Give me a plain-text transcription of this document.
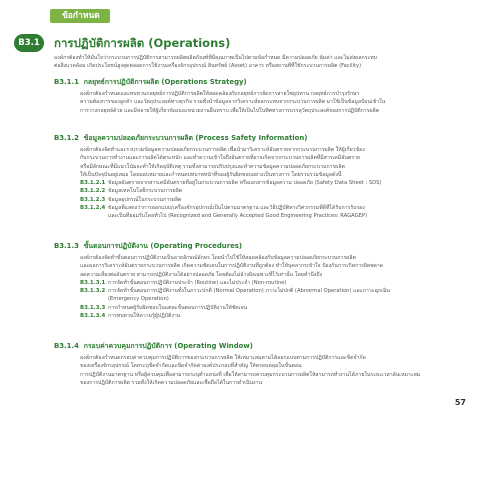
ข้อกำหนด
B3.1	การปฏิบัติการผลิต (Operations)

องค์กรต้องทำให้มั่นใจว่ากระบวนการปฏิบัติการสามารถผลิตผลิตภัณฑ์ที่มีคุณภาพเป็นไปตามข้อกำหนด มีความปลอดภัย คุ้มค่า และไม่ส่งผลกระทบ

ต่อสิ่งแวดล้อม เกิดประโยชน์สูงสุดตลอดการใช้งานเครื่องจักรอุปกรณ์ สินทรัพย์ (Asset) อาคาร หรือสถานที่ที่ใช้กระบวนการผลิต (Facility)

B3.1.1 กลยุทธ์การปฏิบัติการผลิต (Operations Strategy)

องค์กรต้องกำหนดและทบทวนกลยุทธ์การปฏิบัติการผลิตให้สอดคล้องกับกลยุทธ์การจัดการสายโซ่อุปทาน กลยุทธ์การบำรุงรักษา

ความต้องการของลูกค้า และวัตถุประสงค์ทางธุรกิจ รวมทั้งนำข้อมูลจากวิเคราะห์ผลกระทบจากกระบวนการผลิต มาใช้เป็นข้อมูลป้อนเข้าใน

การวางกลยุทธ์ด้วย และมีหลายให้ผู้เกี่ยวข้องและหน่วยงานอื่นทราบ เพื่อให้เป็นไปในทิศทางการบรรลุวัตถุประสงค์ของการปฏิบัติการผลิต

B3.1.2 ข้อมูลความปลอดภัยกระบวนการผลิต (Process Safety Information)

องค์กรต้องจัดทำและรวบรวมข้อมูลความปลอดภัยกระบวนการผลิต เพื่อนำมาวิเคราะห์อันตรายจากกระบวนการผลิต ให้ผู้เกี่ยวข้อง

กับกระบวนการทำงานและการผลิตได้ตระหนัก และทำความเข้าใจถึงอันตรายที่อาจเกิดจากกระบวนการผลิตที่มีสารเคมีอันตราย

หรือมีลักษณะที่มีแนวโน้มจะทำให้เกิดอุบัติเหตุ รวมทั้งสามารถปรับปรุงและทำความข้อมูลความปลอดภัยกระบวนการผลิต

ให้เป็นปัจจุบันอยู่เสมอ โดยมอบหมายและกำหนดบทบาทหน้าที่ของผู้รับผิดชอบอย่างเป็นทางการ โดยรวบรวมข้อมูลดังนี้

B3.1.2.1 ข้อมูลอันตรายจากสารเคมีอันตรายที่อยู่ในกระบวนการผลิต หรือเอกสารข้อมูลความ ปลอดภัย (Safety Data Sheet : SDS)
B3.1.2.2 ข้อมูลเทคโนโลยีกระบวนการผลิต
B3.1.2.3 ข้อมูลอุปกรณ์ในกระบวนการผลิต
B3.1.2.4 ข้อมูลที่แสดงว่าการออกแบบ/เครื่องจักรอุปกรณ์เป็นไปตามมาตรฐาน และวิธีปฏิบัติทางวิศวกรรมที่ดีที่ได้รับการรับรอง
และเป็นที่ยอมรับโดยทั่วไป (Recognized and Generally Accepted Good Engineering Practices: RAGAGEP)
B3.1.3 ขั้นตอนการปฏิบัติงาน (Operating Procedures)

องค์กรต้องจัดทำขั้นตอนการปฏิบัติงานเป็นลายลักษณ์อักษร โดยนำไปใช้ให้สอดคล้องกับข้อมูลความปลอดภัยกระบวนการผลิต

และผลการวิเคราะห์อันตรายกระบวนการผลิต เกิดความชัดเจนในการปฏิบัติงานที่ถูกต้อง ทำให้บุคลากรเข้าใจ ป้องกันการเกิดการผิดพลาด

ลดความเสี่ยงต่ออันตราย สามารถปฏิบัติงานได้อย่างปลอดภัย โดยต้องไม่อ้างอิงเฉพาะที่ไว้เท่านั้น โดยคำนึงถึง

B3.1.3.1 การจัดทำขั้นตอนการปฏิบัติงานประจำ (Routine) และไม่ประจำ (Non-routine)
B3.1.3.2 การจัดทำขั้นตอนการปฏิบัติงานทั้งในภาวะปกติ (Normal Operation) ภาวะไม่ปกติ (Abnormal Operation) และภาวะฉุกเฉิน
(Emergency Operation)
B3.1.3.3 การกำหนดผู้รับผิดชอบในแต่ละขั้นตอนการปฏิบัติงานให้ชัดเจน
B3.1.3.4 การทบทวนให้ความรู้ผู้ปฏิบัติงาน
B3.1.4 กรอบค่าควบคุมการปฏิบัติการ (Operating Window)

องค์กรต้องกำหนดกรอบค่าควบคุมการปฏิบัติการของกระบวนการผลิต ให้เหมาะสมตามได้ออกแบบตามการปฏิบัติการและขีดจำกัด

ของเครื่องจักรอุปกรณ์ โดยระบุขีดจำกัดและขีดจำกัดค่าองค์ประกอบที่สำคัญ ให้ครอบคลุมในขั้นตอน

การปฏิบัติงานมาตรฐาน หรือผู้ควบคุมเพื่อสามารถระบุตำแหน่งที่ เพื่อให้สามารถควบคุมกระบวนการผลิตให้สามารถทำงานได้ภายในระยะเวลาอันเหมาะสม

ของการปฏิบัติการผลิต รวมทั้งให้เกิดความปลอดภัยและเชื่อถือได้ในการดำเนินงาน

57
